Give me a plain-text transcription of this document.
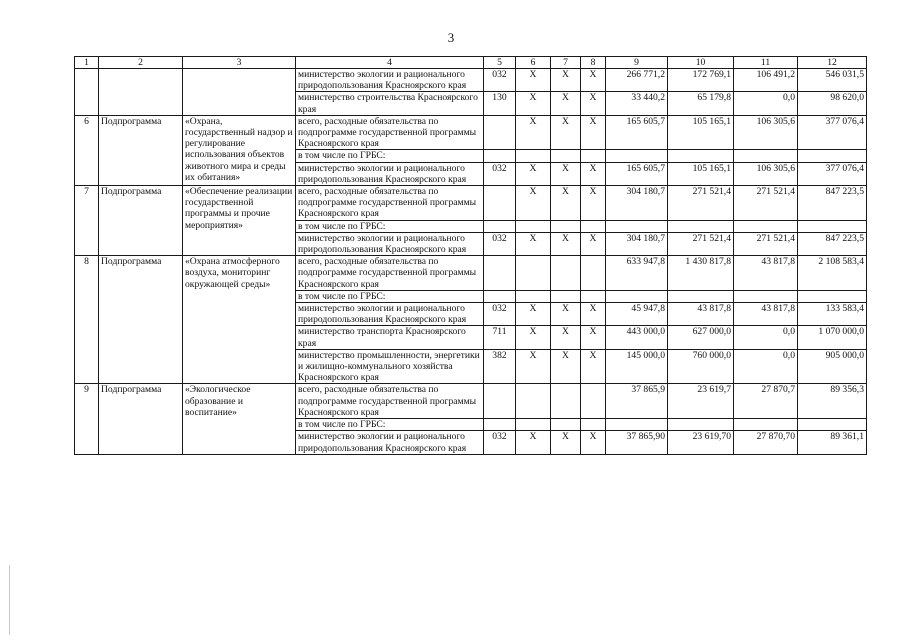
3
1	2	3	4	5	6	7	8	9	10	11	12
			министерство экологии и рационального природопользования Красноярского края	032	X	X	X	266 771,2	172 769,1	106 491,2	546 031,5
			министерство строительства Красноярского края	130	X	X	X	33 440,2	65 179,8	0,0	98 620,0
6	Подпрограмма	«Охрана, государственный надзор и регулирование использования объектов животного мира и среды их обитания»	всего, расходные обязательства по подпрограмме государственной программы Красноярского края		X	X	X	165 605,7	105 165,1	106 305,6	377 076,4
			в том числе по ГРБС:								
			министерство экологии и рационального природопользования Красноярского края	032	X	X	X	165 605,7	105 165,1	106 305,6	377 076,4
7	Подпрограмма	«Обеспечение реализации государственной программы и прочие мероприятия»	всего, расходные обязательства по подпрограмме государственной программы Красноярского края		X	X	X	304 180,7	271 521,4	271 521,4	847 223,5
			в том числе по ГРБС:								
			министерство экологии и рационального природопользования Красноярского края	032	X	X	X	304 180,7	271 521,4	271 521,4	847 223,5
8	Подпрограмма	«Охрана атмосферного воздуха, мониторинг окружающей среды»	всего, расходные обязательства по подпрограмме государственной программы Красноярского края					633 947,8	1 430 817,8	43 817,8	2 108 583,4
			в том числе по ГРБС:								
			министерство экологии и рационального природопользования Красноярского края	032	X	X	X	45 947,8	43 817,8	43 817,8	133 583,4
			министерство транспорта Красноярского края	711	X	X	X	443 000,0	627 000,0	0,0	1 070 000,0
			министерство промышленности, энергетики и жилищно-коммунального хозяйства Красноярского края	382	X	X	X	145 000,0	760 000,0	0,0	905 000,0
9	Подпрограмма	«Экологическое образование и воспитание»	всего, расходные обязательства по подпрограмме государственной программы Красноярского края					37 865,9	23 619,7	27 870,7	89 356,3
			в том числе по ГРБС:								
			министерство экологии и рационального природопользования Красноярского края	032	X	X	X	37 865,90	23 619,70	27 870,70	89 361,1
